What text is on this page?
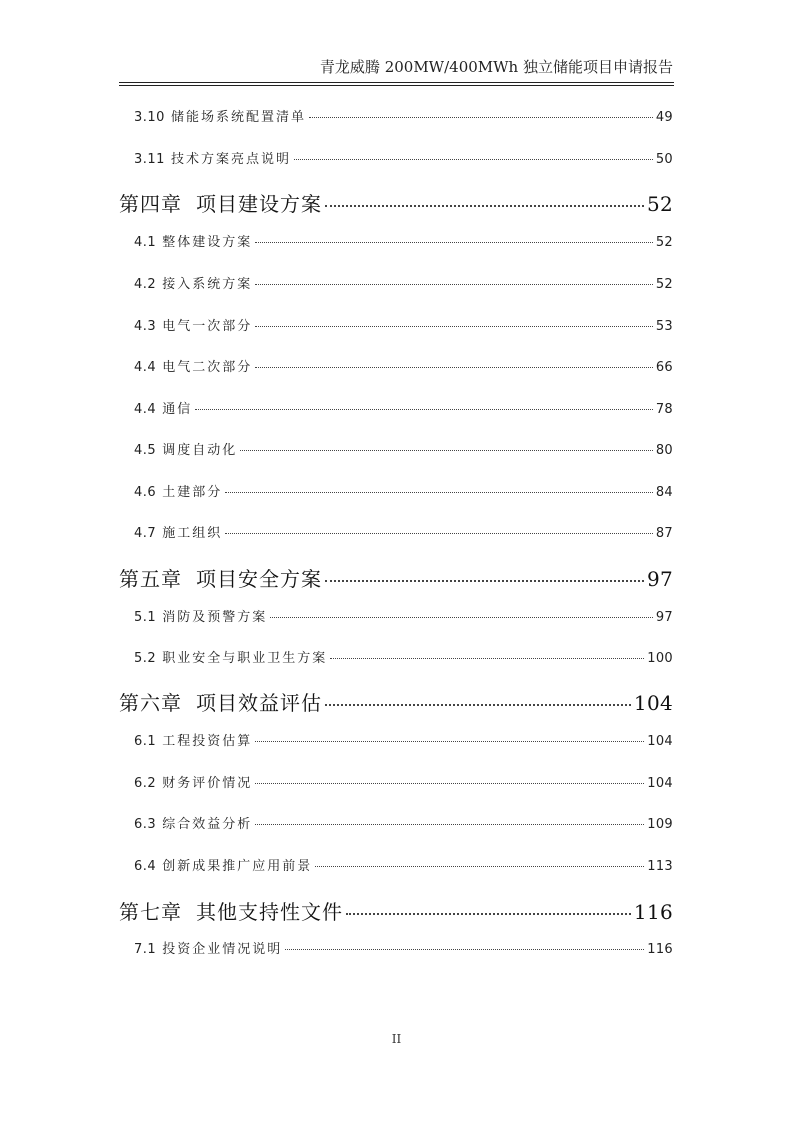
青龙威腾 200MW/400MWh 独立储能项目申请报告
3.10 储能场系统配置清单	49
3.11 技术方案亮点说明	50
第四章 项目建设方案	52
4.1 整体建设方案	52
4.2 接入系统方案	52
4.3 电气一次部分	53
4.4 电气二次部分	66
4.4 通信	78
4.5 调度自动化	80
4.6 土建部分	84
4.7 施工组织	87
第五章 项目安全方案	97
5.1 消防及预警方案	97
5.2 职业安全与职业卫生方案	100
第六章 项目效益评估	104
6.1 工程投资估算	104
6.2 财务评价情况	104
6.3 综合效益分析	109
6.4 创新成果推广应用前景	113
第七章 其他支持性文件	116
7.1 投资企业情况说明	116
II
